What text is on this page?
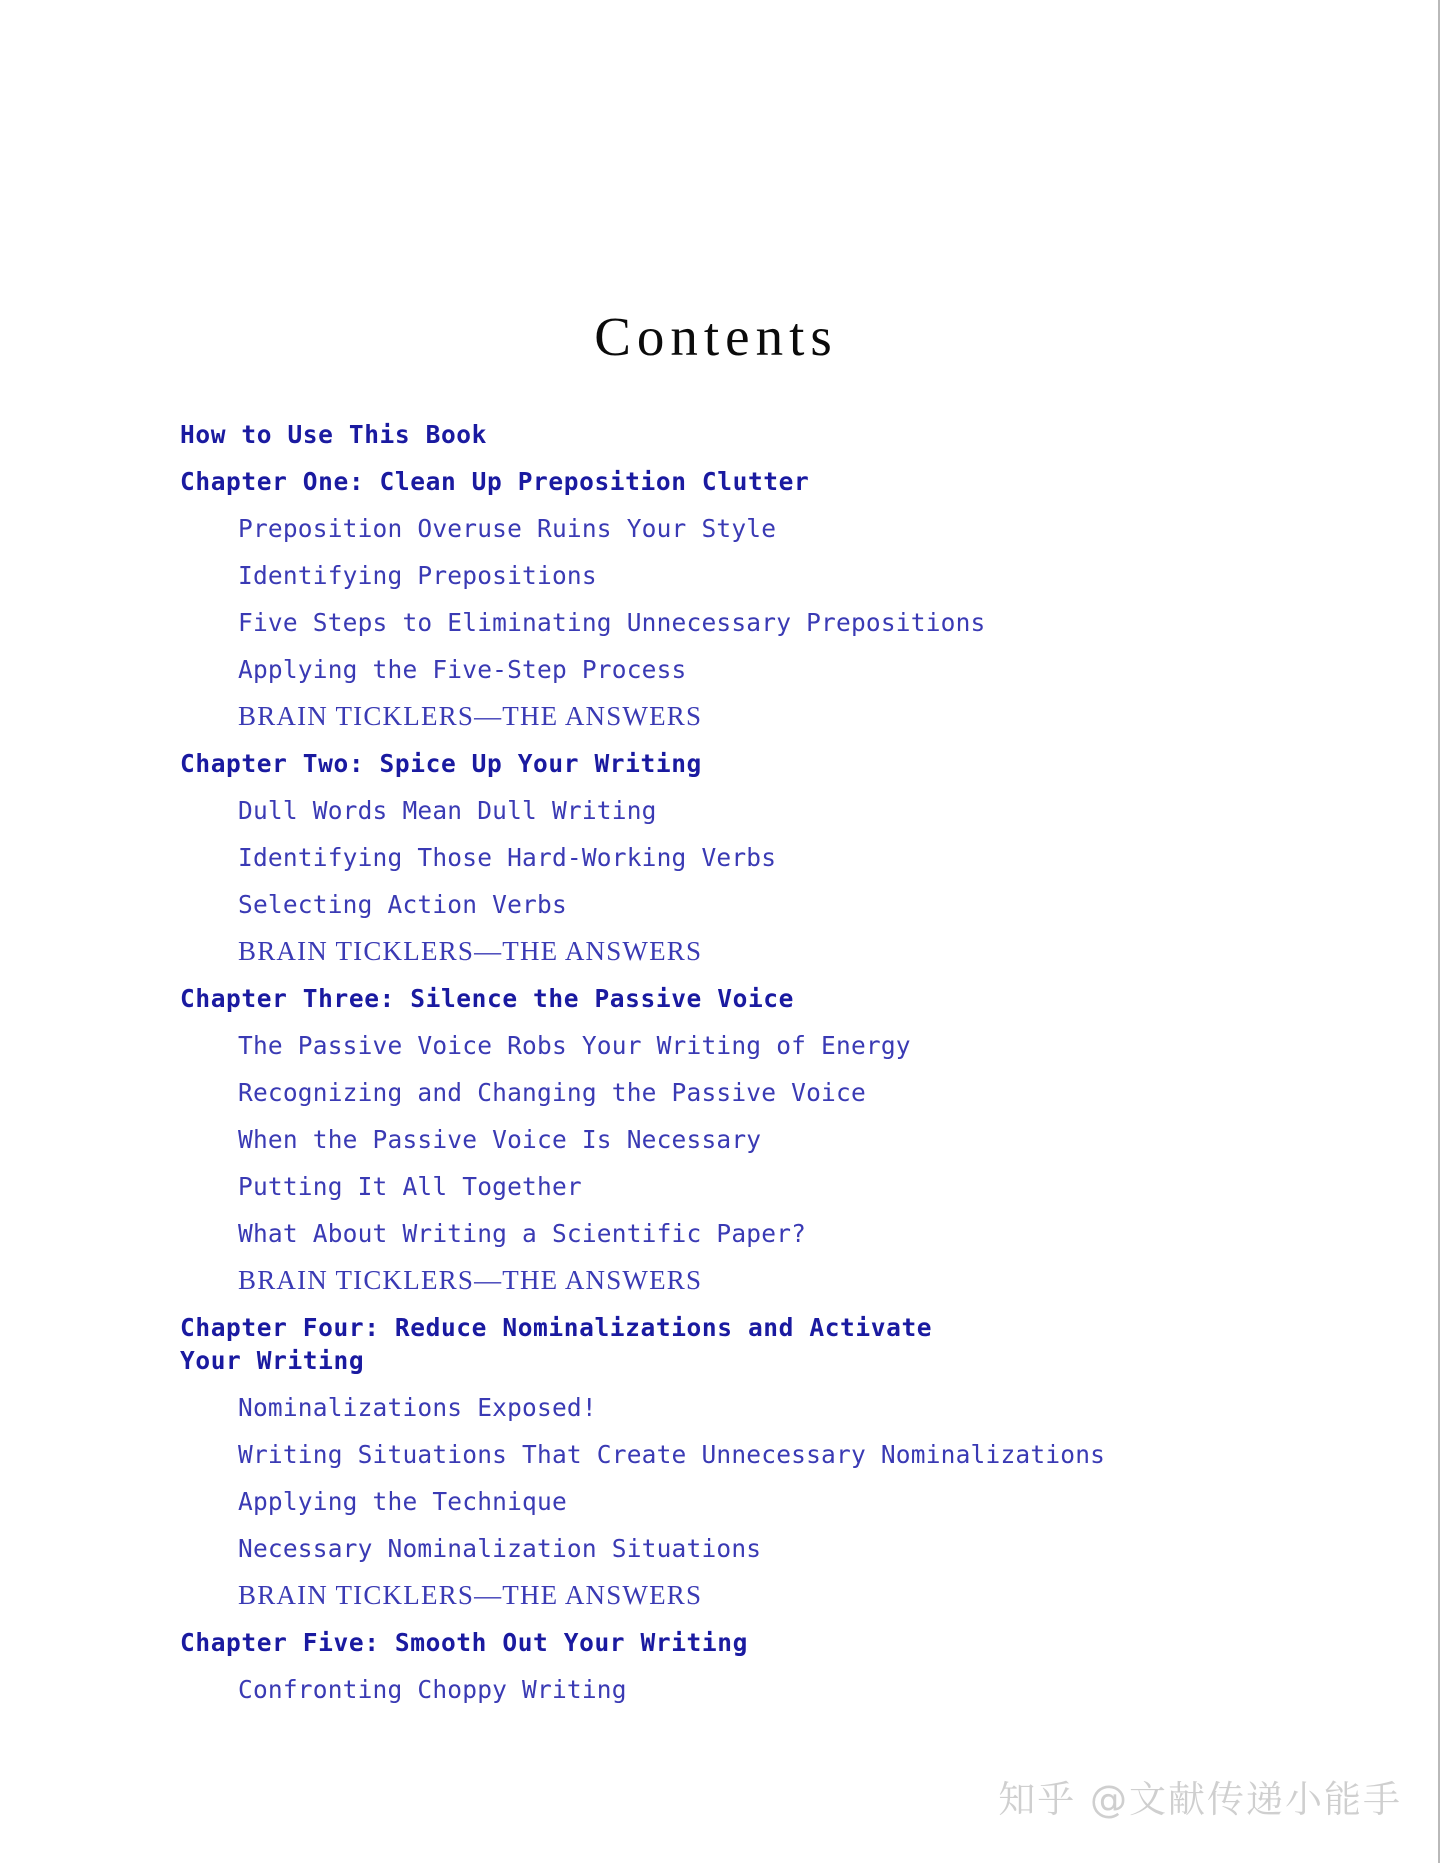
Contents
How to Use This Book
Chapter One: Clean Up Preposition Clutter
Preposition Overuse Ruins Your Style
Identifying Prepositions
Five Steps to Eliminating Unnecessary Prepositions
Applying the Five-Step Process
BRAIN TICKLERS—THE ANSWERS
Chapter Two: Spice Up Your Writing
Dull Words Mean Dull Writing
Identifying Those Hard-Working Verbs
Selecting Action Verbs
BRAIN TICKLERS—THE ANSWERS
Chapter Three: Silence the Passive Voice
The Passive Voice Robs Your Writing of Energy
Recognizing and Changing the Passive Voice
When the Passive Voice Is Necessary
Putting It All Together
What About Writing a Scientific Paper?
BRAIN TICKLERS—THE ANSWERS
Chapter Four: Reduce Nominalizations and Activate Your Writing
Nominalizations Exposed!
Writing Situations That Create Unnecessary Nominalizations
Applying the Technique
Necessary Nominalization Situations
BRAIN TICKLERS—THE ANSWERS
Chapter Five: Smooth Out Your Writing
Confronting Choppy Writing
知乎 @文献传递小能手
